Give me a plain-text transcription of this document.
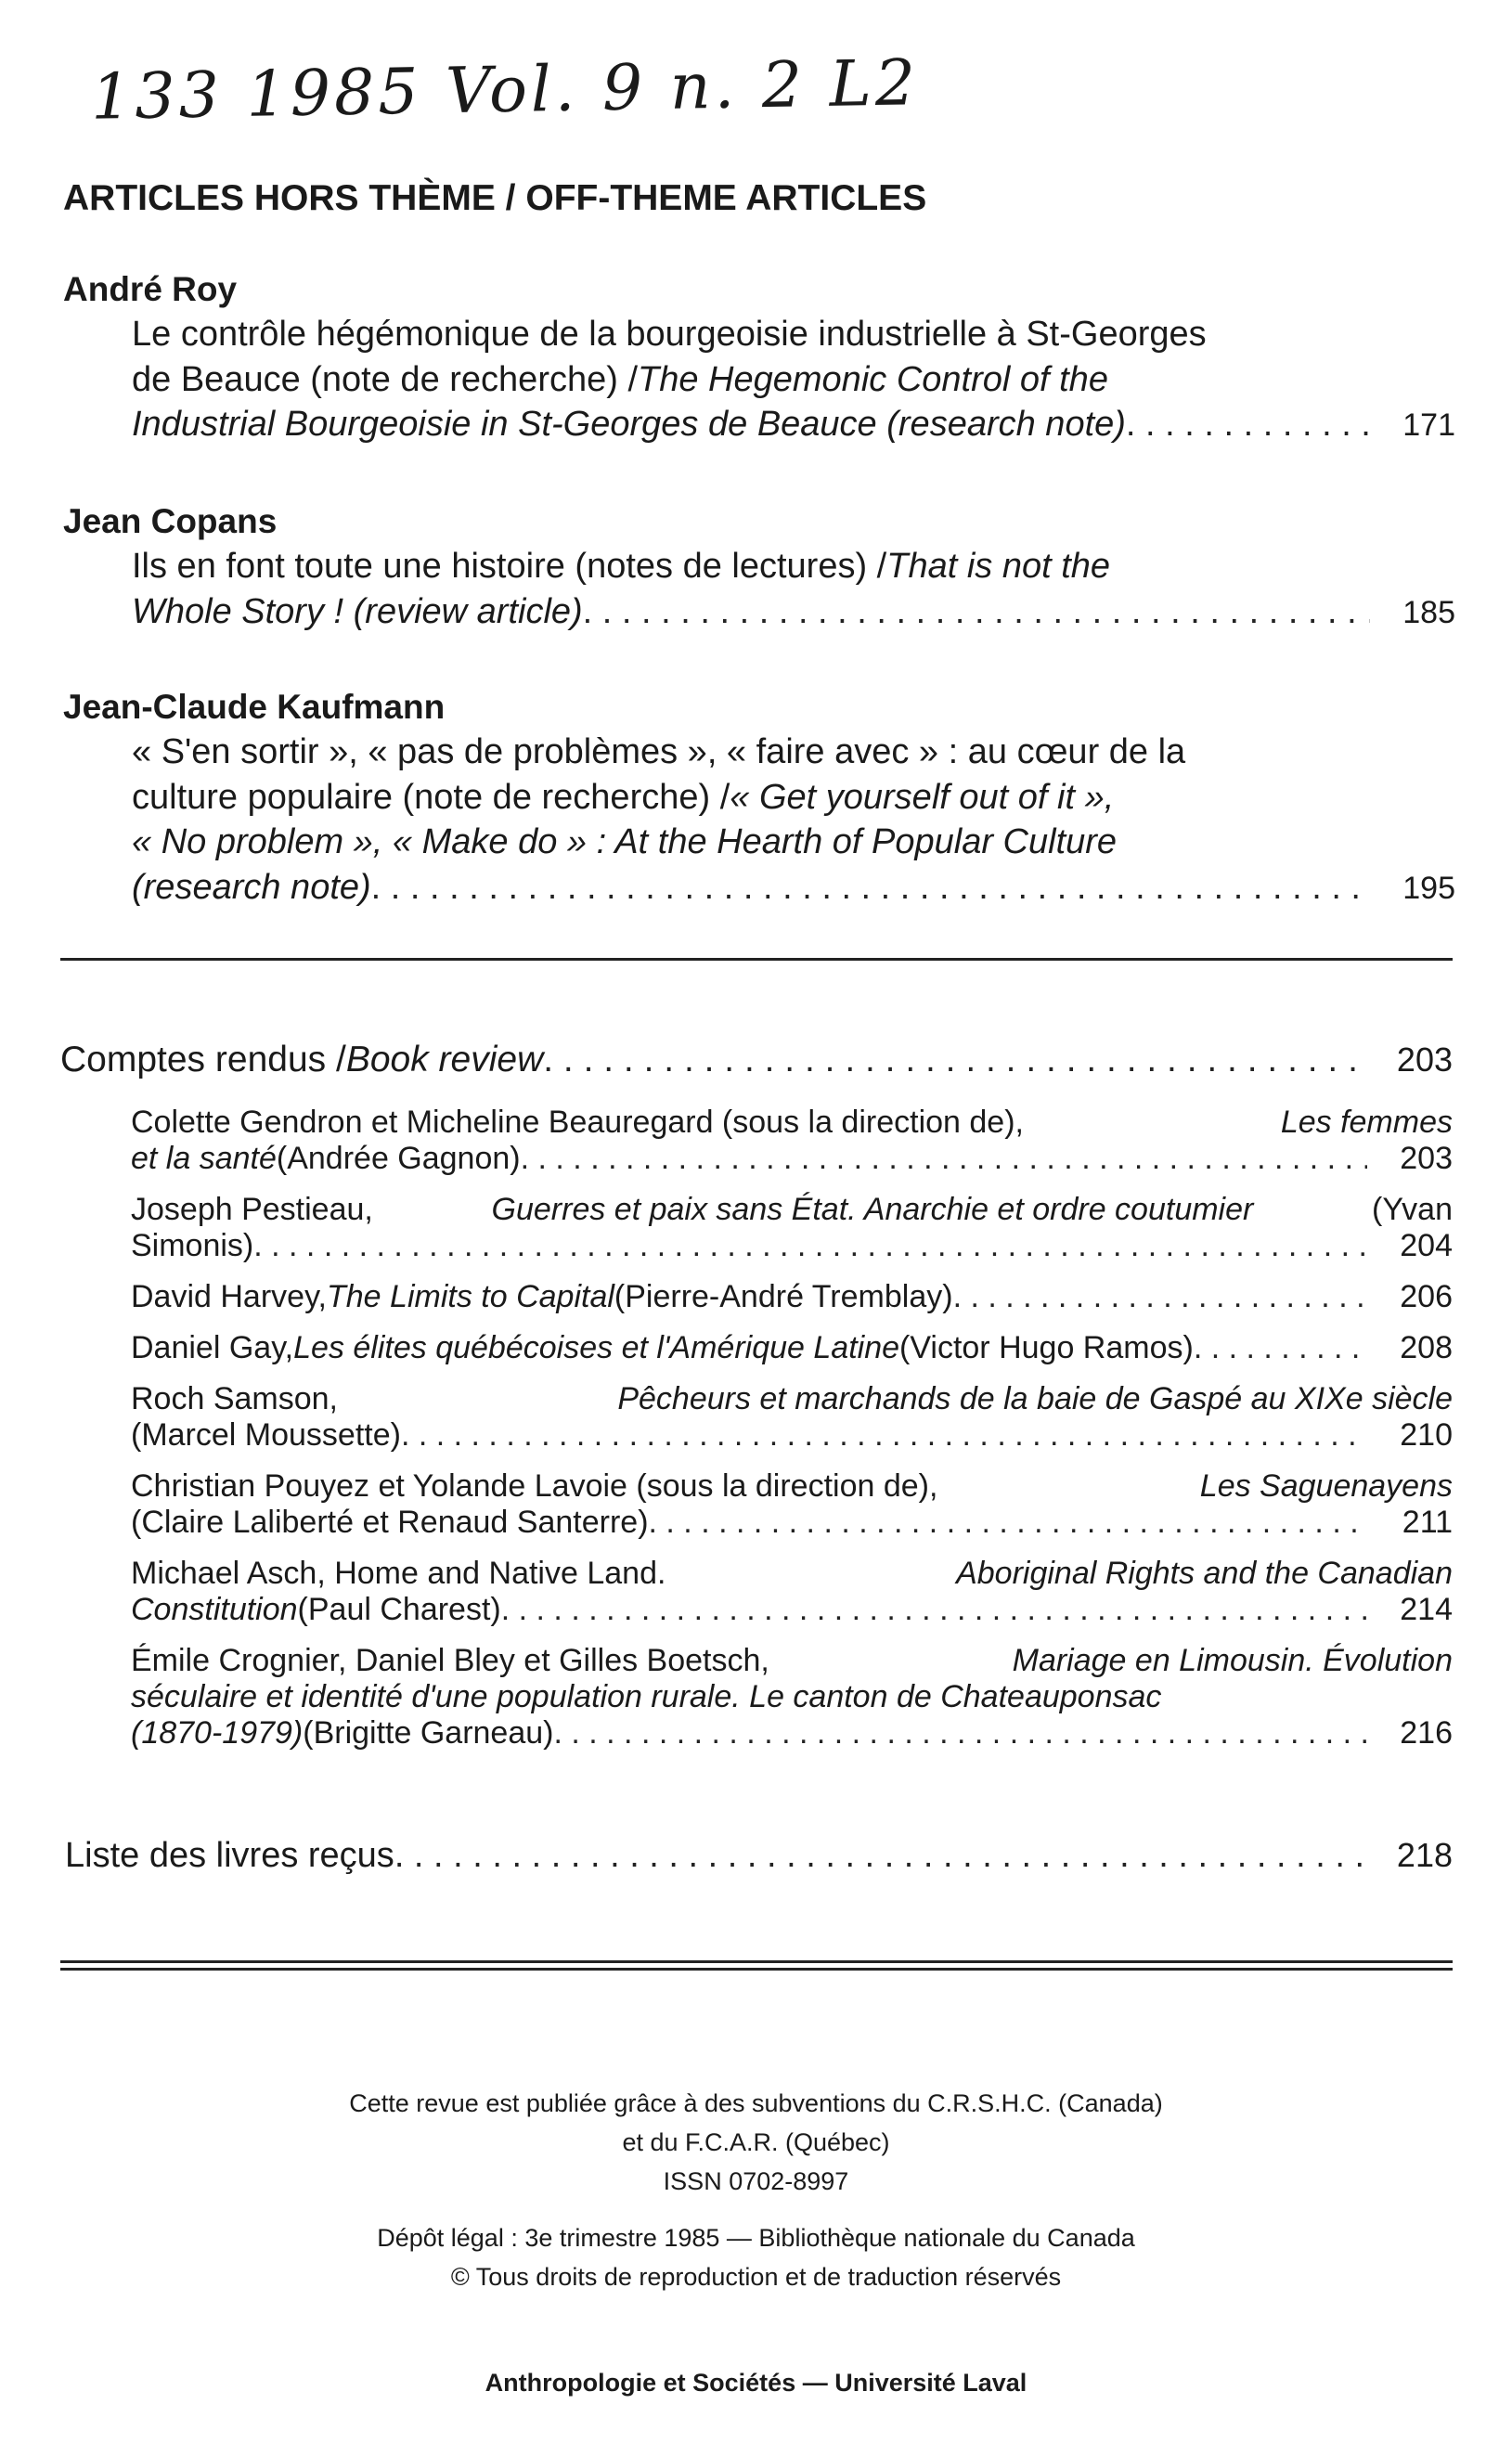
133 1985 Vol. 9 n. 2 L2
ARTICLES HORS THÈME / OFF-THEME ARTICLES
André Roy
Le contrôle hégémonique de la bourgeoisie industrielle à St-Georges
de Beauce (note de recherche) / The Hegemonic Control of the
Industrial Bourgeoisie in St-Georges de Beauce (research note) . . .	171
Jean Copans
Ils en font toute une histoire (notes de lectures) / That is not the
Whole Story ! (review article) . . .	185
Jean-Claude Kaufmann
« S'en sortir », « pas de problèmes », « faire avec » : au cœur de la
culture populaire (note de recherche) / « Get yourself out of it »,
« No problem », « Make do » : At the Hearth of Popular Culture
(research note) . . .	195
Comptes rendus / Book review . . .	203
Colette Gendron et Micheline Beauregard (sous la direction de),	Les femmes
et la santé (Andrée Gagnon) . . .	203
Joseph Pestieau,	Guerres et paix sans État. Anarchie et ordre coutumier	(Yvan
Simonis) . . .	204
David Harvey, The Limits to Capital (Pierre-André Tremblay) . . .	206
Daniel Gay, Les élites québécoises et l'Amérique Latine (Victor Hugo Ramos) . . .	208
Roch Samson,	Pêcheurs et marchands de la baie de Gaspé au XIXe siècle
(Marcel Moussette) . . .	210
Christian Pouyez et Yolande Lavoie (sous la direction de),	Les Saguenayens
(Claire Laliberté et Renaud Santerre) . . .	211
Michael Asch, Home and Native Land.	Aboriginal Rights and the Canadian
Constitution (Paul Charest) . . .	214
Émile Crognier, Daniel Bley et Gilles Boetsch,	Mariage en Limousin. Évolution
séculaire et identité d'une population rurale. Le canton de Chateauponsac
(1870-1979) (Brigitte Garneau) . . .	216
Liste des livres reçus . . .	218
Cette revue est publiée grâce à des subventions du C.R.S.H.C. (Canada)
et du F.C.A.R. (Québec)
ISSN 0702-8997
Dépôt légal : 3e trimestre 1985 — Bibliothèque nationale du Canada
© Tous droits de reproduction et de traduction réservés
Anthropologie et Sociétés — Université Laval
